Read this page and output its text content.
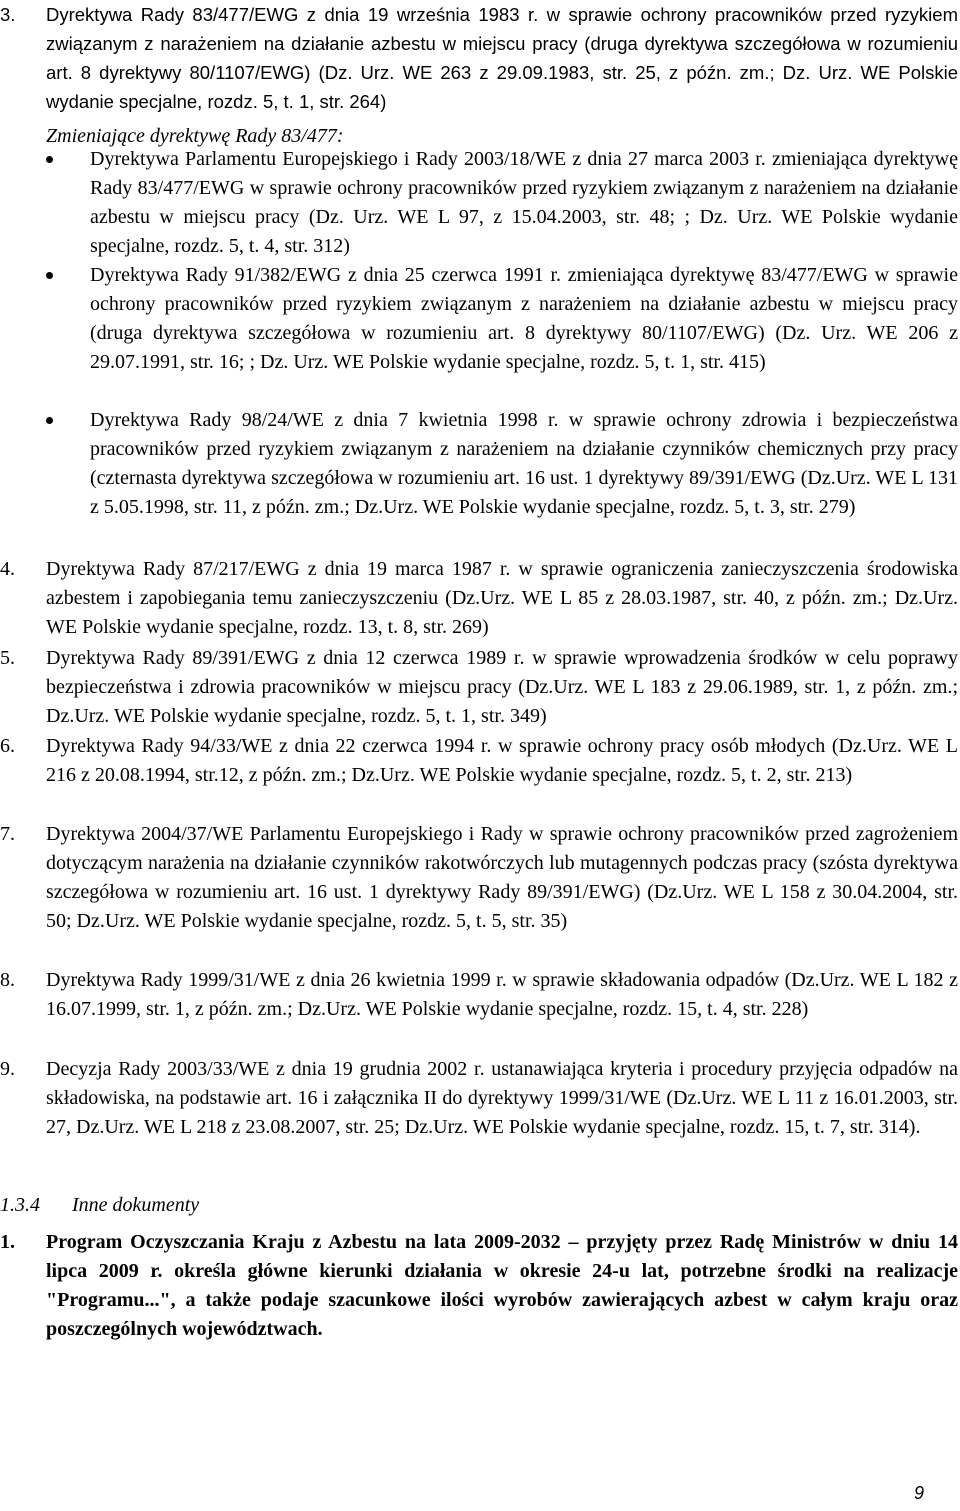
3. Dyrektywa Rady 83/477/EWG z dnia 19 września 1983 r. w sprawie ochrony pracowników przed ryzykiem związanym z narażeniem na działanie azbestu w miejscu pracy (druga dyrektywa szczegółowa w rozumieniu art. 8 dyrektywy 80/1107/EWG) (Dz. Urz. WE 263 z 29.09.1983, str. 25, z późn. zm.; Dz. Urz. WE Polskie wydanie specjalne, rozdz. 5, t. 1, str. 264)
Zmieniające dyrektywę Rady 83/477:
Dyrektywa Parlamentu Europejskiego i Rady 2003/18/WE z dnia 27 marca 2003 r. zmieniająca dyrektywę Rady 83/477/EWG w sprawie ochrony pracowników przed ryzykiem związanym z narażeniem na działanie azbestu w miejscu pracy (Dz. Urz. WE L 97, z 15.04.2003, str. 48; ; Dz. Urz. WE Polskie wydanie specjalne, rozdz. 5, t. 4, str. 312)
Dyrektywa Rady 91/382/EWG z dnia 25 czerwca 1991 r. zmieniająca dyrektywę 83/477/EWG w sprawie ochrony pracowników przed ryzykiem związanym z narażeniem na działanie azbestu w miejscu pracy (druga dyrektywa szczegółowa w rozumieniu art. 8 dyrektywy 80/1107/EWG) (Dz. Urz. WE 206 z 29.07.1991, str. 16; ; Dz. Urz. WE Polskie wydanie specjalne, rozdz. 5, t. 1, str. 415)
Dyrektywa Rady 98/24/WE z dnia 7 kwietnia 1998 r. w sprawie ochrony zdrowia i bezpieczeństwa pracowników przed ryzykiem związanym z narażeniem na działanie czynników chemicznych przy pracy (czternasta dyrektywa szczegółowa w rozumieniu art. 16 ust. 1 dyrektywy 89/391/EWG (Dz.Urz. WE L 131 z 5.05.1998, str. 11, z późn. zm.; Dz.Urz. WE Polskie wydanie specjalne, rozdz. 5, t. 3, str. 279)
4. Dyrektywa Rady 87/217/EWG z dnia 19 marca 1987 r. w sprawie ograniczenia zanieczyszczenia środowiska azbestem i zapobiegania temu zanieczyszczeniu (Dz.Urz. WE L 85 z 28.03.1987, str. 40, z późn. zm.; Dz.Urz. WE Polskie wydanie specjalne, rozdz. 13, t. 8, str. 269)
5. Dyrektywa Rady 89/391/EWG z dnia 12 czerwca 1989 r. w sprawie wprowadzenia środków w celu poprawy bezpieczeństwa i zdrowia pracowników w miejscu pracy (Dz.Urz. WE L 183 z 29.06.1989, str. 1, z późn. zm.; Dz.Urz. WE Polskie wydanie specjalne, rozdz. 5, t. 1, str. 349)
6. Dyrektywa Rady 94/33/WE z dnia 22 czerwca 1994 r. w sprawie ochrony pracy osób młodych (Dz.Urz. WE L 216 z 20.08.1994, str.12, z późn. zm.; Dz.Urz. WE Polskie wydanie specjalne, rozdz. 5, t. 2, str. 213)
7. Dyrektywa 2004/37/WE Parlamentu Europejskiego i Rady w sprawie ochrony pracowników przed zagrożeniem dotyczącym narażenia na działanie czynników rakotwórczych lub mutagennych podczas pracy (szósta dyrektywa szczegółowa w rozumieniu art. 16 ust. 1 dyrektywy Rady 89/391/EWG) (Dz.Urz. WE L 158 z 30.04.2004, str. 50; Dz.Urz. WE Polskie wydanie specjalne, rozdz. 5, t. 5, str. 35)
8. Dyrektywa Rady 1999/31/WE z dnia 26 kwietnia 1999 r. w sprawie składowania odpadów (Dz.Urz. WE L 182 z 16.07.1999, str. 1, z późn. zm.; Dz.Urz. WE Polskie wydanie specjalne, rozdz. 15, t. 4, str. 228)
9. Decyzja Rady 2003/33/WE z dnia 19 grudnia 2002 r. ustanawiająca kryteria i procedury przyjęcia odpadów na składowiska, na podstawie art. 16 i załącznika II do dyrektywy 1999/31/WE (Dz.Urz. WE L 11 z 16.01.2003, str. 27, Dz.Urz. WE L 218 z 23.08.2007, str. 25; Dz.Urz. WE Polskie wydanie specjalne, rozdz. 15, t. 7, str. 314).
1.3.4 Inne dokumenty
1. Program Oczyszczania Kraju z Azbestu na lata 2009-2032 – przyjęty przez Radę Ministrów w dniu 14 lipca 2009 r. określa główne kierunki działania w okresie 24-u lat, potrzebne środki na realizacje "Programu...", a także podaje szacunkowe ilości wyrobów zawierających azbest w całym kraju oraz poszczególnych województwach.
9
